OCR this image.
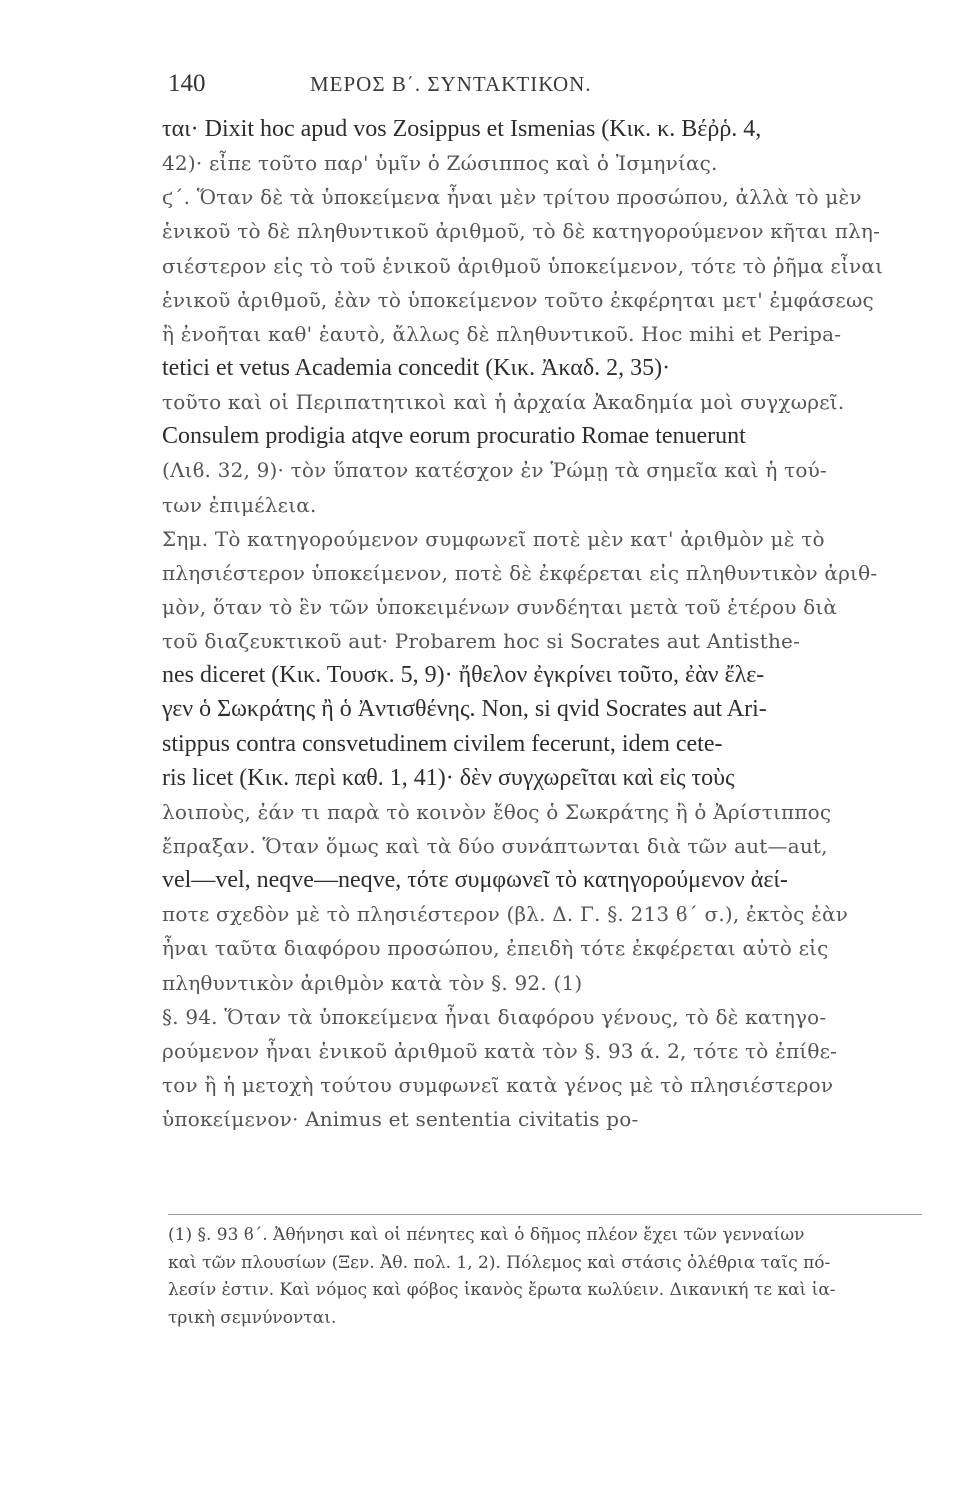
140	ΜΕΡΟΣ Β΄. ΣΥΝΤΑΚΤΙΚΟΝ.
ται· Dixit hoc apud vos Zosippus et Ismenias (Κικ. κ. Βέῤῥ. 4,
42)· εἶπε τοῦτο παρ' ὑμῖν ὁ Ζώσιππος καὶ ὁ Ἰσμηνίας.
ϛ΄. Ὅταν δὲ τὰ ὑποκείμενα ἦναι μὲν τρίτου προσώπου, ἀλλὰ τὸ μὲν
ἑνικοῦ τὸ δὲ πληθυντικοῦ ἀριθμοῦ, τὸ δὲ κατηγορούμενον κῆται πλη-
σιέστερον εἰς τὸ τοῦ ἑνικοῦ ἀριθμοῦ ὑποκείμενον, τότε τὸ ῥῆμα εἶναι
ἑνικοῦ ἀριθμοῦ, ἐὰν τὸ ὑποκείμενον τοῦτο ἐκφέρηται μετ' ἐμφάσεως
ἢ ἐνοῆται καθ' ἑαυτὸ, ἄλλως δὲ πληθυντικοῦ. Hoc mihi et Peripa-
tetici et vetus Academia concedit (Κικ. Ἀκαδ. 2, 35)·
τοῦτο καὶ οἱ Περιπατητικοὶ καὶ ἡ ἀρχαία Ἀκαδημία μοὶ συγχωρεῖ.
Consulem prodigia atqve eorum procuratio Romae tenuerunt
(Λιϐ. 32, 9)· τὸν ὕπατον κατέσχον ἐν Ῥώμῃ τὰ σημεῖα καὶ ἡ τού-
των ἐπιμέλεια.
Σημ. Τὸ κατηγορούμενον συμφωνεῖ ποτὲ μὲν κατ' ἀριθμὸν μὲ τὸ
πλησιέστερον ὑποκείμενον, ποτὲ δὲ ἐκφέρεται εἰς πληθυντικὸν ἀριθ-
μὸν, ὅταν τὸ ἓν τῶν ὑποκειμένων συνδέηται μετὰ τοῦ ἑτέρου διὰ
τοῦ διαζευκτικοῦ aut· Probarem hoc si Socrates aut Antisthe-
nes diceret (Κικ. Τουσκ. 5, 9)· ἤθελον ἐγκρίνει τοῦτο, ἐὰν ἔλε-
γεν ὁ Σωκράτης ἢ ὁ Ἀντισθένης. Non, si qvid Socrates aut Ari-
stippus contra consvetudinem civilem fecerunt, idem cete-
ris licet (Κικ. περὶ καθ. 1, 41)· δὲν συγχωρεῖται καὶ εἰς τοὺς
λοιποὺς, ἐάν τι παρὰ τὸ κοινὸν ἔθος ὁ Σωκράτης ἢ ὁ Ἀρίστιππος
ἔπραξαν. Ὅταν ὅμως καὶ τὰ δύο συνάπτωνται διὰ τῶν aut—aut,
vel—vel, neqve—neqve, τότε συμφωνεῖ τὸ κατηγορούμενον ἀεί-
ποτε σχεδὸν μὲ τὸ πλησιέστερον (βλ. Δ. Γ. §. 213 ϐ΄ σ.), ἐκτὸς ἐὰν
ἦναι ταῦτα διαφόρου προσώπου, ἐπειδὴ τότε ἐκφέρεται αὐτὸ εἰς
πληθυντικὸν ἀριθμὸν κατὰ τὸν §. 92. (1)
§. 94. Ὅταν τὰ ὑποκείμενα ἦναι διαφόρου γένους, τὸ δὲ κατηγο-
ρούμενον ἦναι ἑνικοῦ ἀριθμοῦ κατὰ τὸν §. 93 ά. 2, τότε τὸ ἐπίθε-
τον ἢ ἡ μετοχὴ τούτου συμφωνεῖ κατὰ γένος μὲ τὸ πλησιέστερον
ὑποκείμενον· Animus et sententia civitatis po-
(1) §. 93 ϐ΄. Ἀθήνησι καὶ οἱ πένητες καὶ ὁ δῆμος πλέον ἔχει τῶν γενναίων
καὶ τῶν πλουσίων (Ξεν. Ἀθ. πολ. 1, 2). Πόλεμος καὶ στάσις ὀλέθρια ταῖς πό-
λεσίν ἐστιν. Καὶ νόμος καὶ φόβος ἱκανὸς ἔρωτα κωλύειν. Δικανική τε καὶ ἰα-
τρικὴ σεμνύνονται.
